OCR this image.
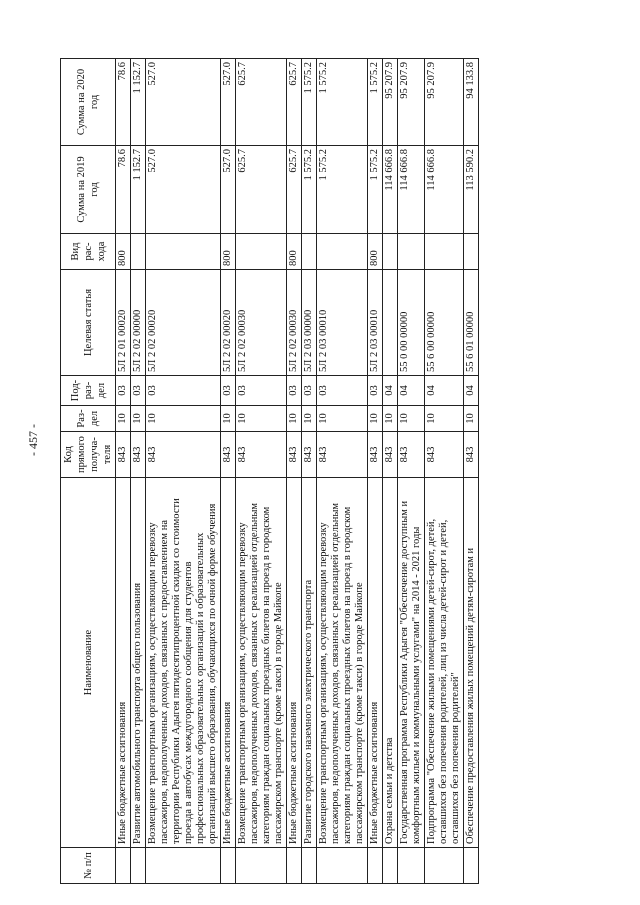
- 457 -
№ п/п	Наименование	Код прямого получа- теля	Раз- дел	Под- раз- дел	Целевая статья	Вид рас- хода	Сумма на 2019 год	Сумма на 2020 год
	Иные бюджетные ассигнования	843	10	03	5Л 2 01 00020	800	78.6	78.6
	Развитие автомобильного транспорта общего пользования	843	10	03	5Л 2 02 00000		1 152.7	1 152.7
	Возмещение транспортным организациям, осуществляющим перевозку пассажиров, недополученных доходов, связанных с предоставлением на территории Республики Адыгея пятидесятипроцентной скидки со стоимости проезда в автобусах междугородного сообщения для студентов профессиональных образовательных организаций и образовательных организаций высшего образования, обучающихся по очной форме обучения	843	10	03	5Л 2 02 00020		527.0	527.0
	Иные бюджетные ассигнования	843	10	03	5Л 2 02 00020	800	527.0	527.0
	Возмещение транспортным организациям, осуществляющим перевозку пассажиров, недополученных доходов, связанных с реализацией отдельным категориям граждан социальных проездных билетов на проезд в городском пассажирском транспорте (кроме такси) в городе Майкопе	843	10	03	5Л 2 02 00030		625.7	625.7
	Иные бюджетные ассигнования	843	10	03	5Л 2 02 00030	800	625.7	625.7
	Развитие городского наземного электрического транспорта	843	10	03	5Л 2 03 00000		1 575.2	1 575.2
	Возмещение транспортным организациям, осуществляющим перевозку пассажиров, недополученных доходов, связанных с реализацией отдельным категориям граждан социальных проездных билетов на проезд в городском пассажирском транспорте (кроме такси) в городе Майкопе	843	10	03	5Л 2 03 00010		1 575.2	1 575.2
	Иные бюджетные ассигнования	843	10	03	5Л 2 03 00010	800	1 575.2	1 575.2
	Охрана семьи и детства	843	10	04			114 666.8	95 207.9
	Государственная программа Республики Адыгея "Обеспечение доступным и комфортным жильем и коммунальными услугами" на 2014 - 2021 годы	843	10	04	55 0 00 00000		114 666.8	95 207.9
	Подпрограмма "Обеспечение жилыми помещениями детей-сирот, детей, оставшихся без попечения родителей, лиц из числа детей-сирот и детей, оставшихся без попечения родителей"	843	10	04	55 6 00 00000		114 666.8	95 207.9
	Обеспечение предоставления жилых помещений детям-сиротам и	843	10	04	55 6 01 00000		113 590.2	94 133.8
